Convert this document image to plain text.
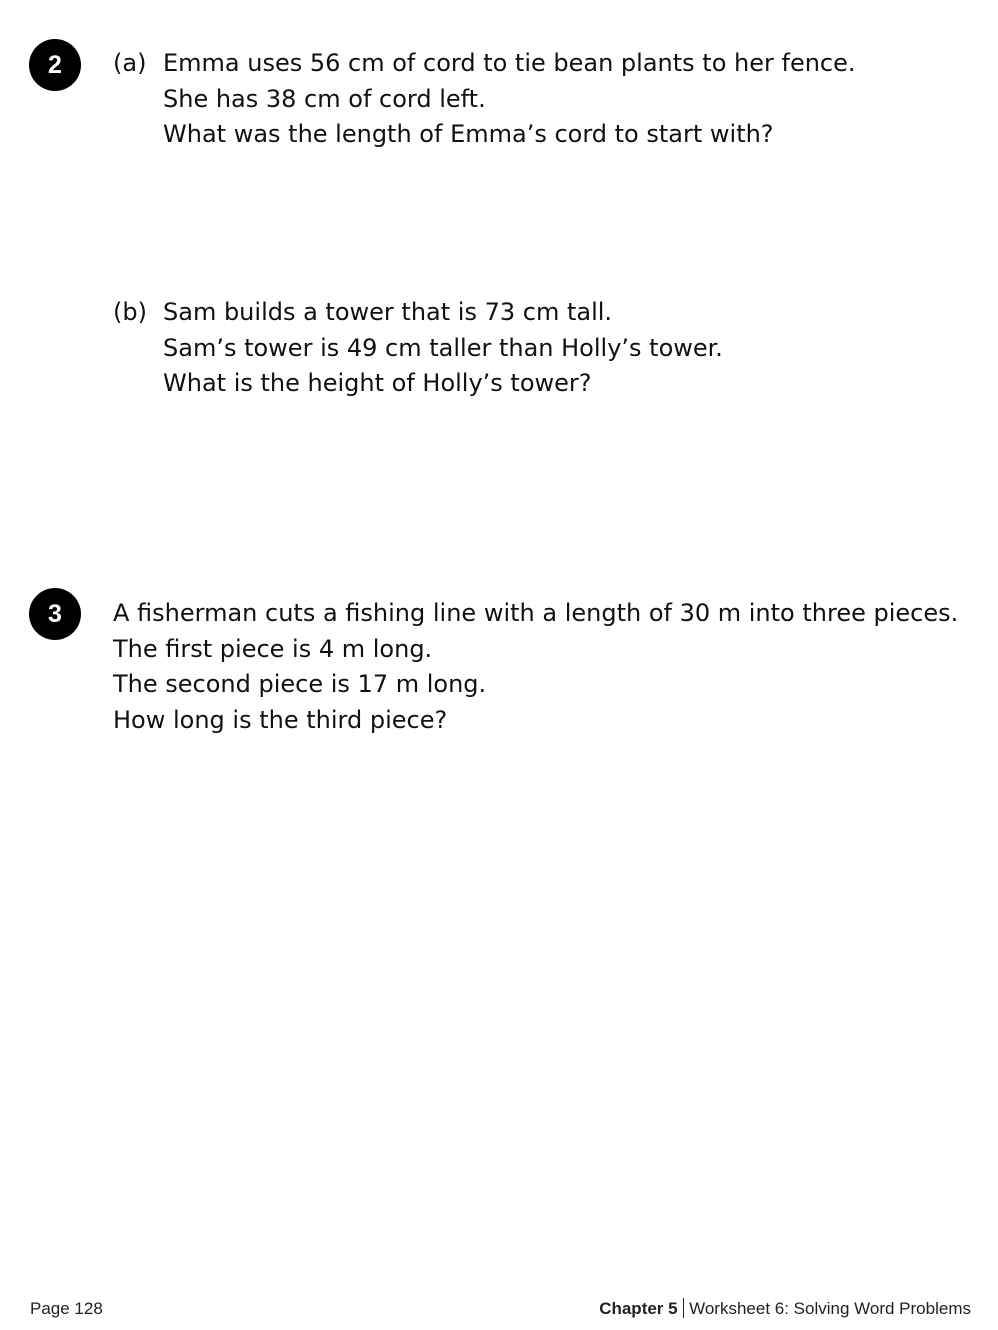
2	(a) Emma uses 56 cm of cord to tie bean plants to her fence.
She has 38 cm of cord left.
What was the length of Emma’s cord to start with?
(b) Sam builds a tower that is 73 cm tall.
Sam’s tower is 49 cm taller than Holly’s tower.
What is the height of Holly’s tower?
3	A fisherman cuts a fishing line with a length of 30 m into three pieces.
The first piece is 4 m long.
The second piece is 17 m long.
How long is the third piece?
Page 128	Chapter 5 Worksheet 6: Solving Word Problems
